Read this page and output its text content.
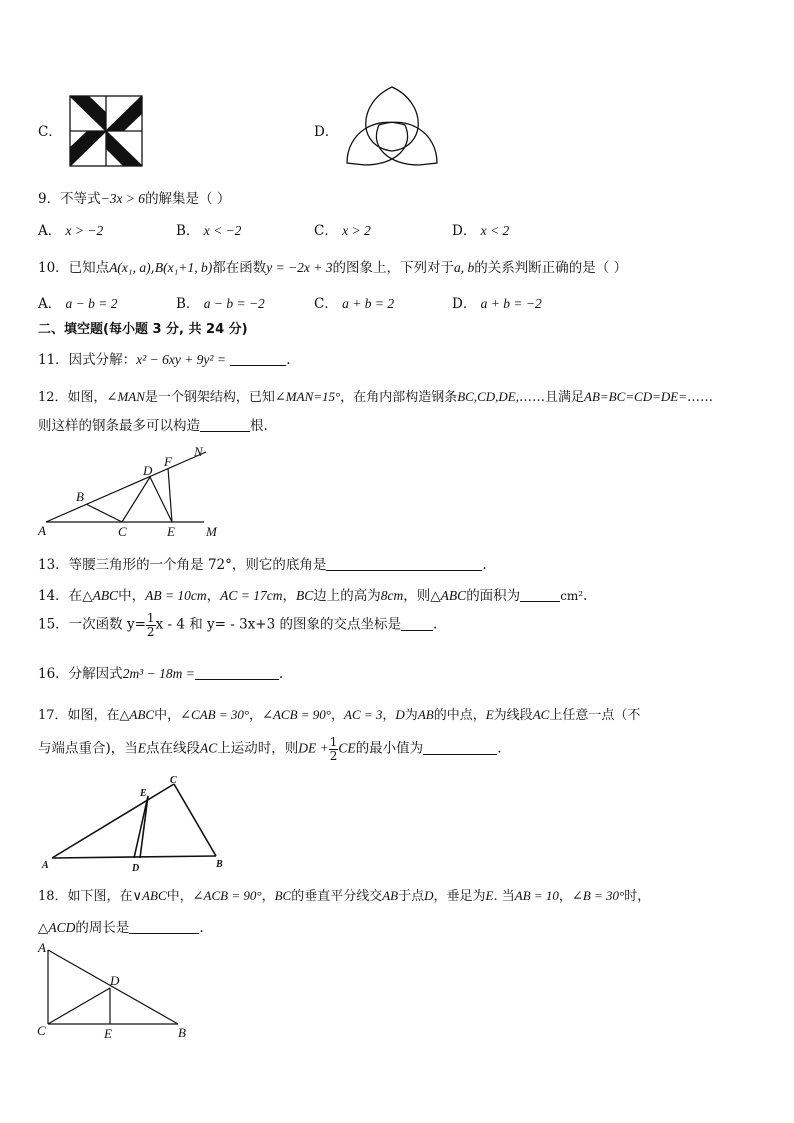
C．	D．
9．不等式−3x > 6的解集是（ ）
A． x > −2	B． x < −2	C． x > 2	D． x < 2
10．已知点A(x₁, a),B(x₁+1, b)都在函数y = −2x + 3的图象上，下列对于a, b的关系判断正确的是（ ）
A． a − b = 2	B． a − b = −2	C． a + b = 2	D． a + b = −2
二、填空题(每小题 3 分, 共 24 分)
11．因式分解：x² − 6xy + 9y² =	.
12．如图，∠MAN是一个钢架结构，已知∠MAN=15°，在角内部构造钢条BC,CD,DE,……且满足AB=BC=CD=DE=……
则这样的钢条最多可以构造	根.
A
B
C
D
E
F
M
N
13．等腰三角形的一个角是 72°，则它的底角是	.
14．在△ABC中，AB = 10cm，AC = 17cm，BC边上的高为8cm，则△ABC的面积为	cm².
15．一次函数 $y= \frac{1}{2}$ x - 4 和 y= - 3x+3 的图象的交点坐标是 .
16．分解因式2m³ − 18m =	.
17．如图，在△ABC中，∠CAB = 30°，∠ACB = 90°，AC = 3，D为AB的中点，E为线段AC上任意一点（不
与端点重合)，当E点在线段AC上运动时，则DE + $\frac{1}{2}$ CE的最小值为	.
A	B
C
D
E
18．如下图，在∨ABC中，∠ACB = 90°，BC的垂直平分线交AB于点D，垂足为E. 当AB = 10，∠B = 30°时，
△ACD的周长是	.
A
B
C
D
E
